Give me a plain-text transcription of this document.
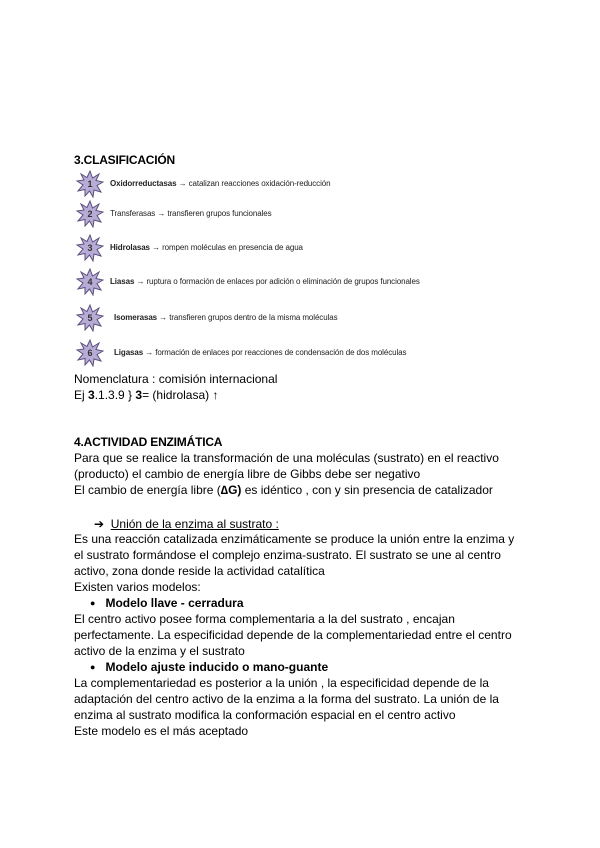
3.CLASIFICACIÓN
1	Oxidorreductasas → catalizan reacciones oxidación-reducción
2	Transferasas → transfieren grupos funcionales
3	Hidrolasas → rompen moléculas en presencia de agua
4	Liasas → ruptura o formación de enlaces por adición o eliminación de grupos funcionales
5	Isomerasas → transfieren grupos dentro de la misma moléculas
6	Ligasas → formación de enlaces por reacciones de condensación de dos moléculas
Nomenclatura : comisión internacional
Ej 3.1.3.9 } 3= (hidrolasa) ↑
4.ACTIVIDAD ENZIMÁTICA
Para que se realice la transformación de una moléculas (sustrato) en el reactivo
(producto) el cambio de energía libre de Gibbs debe ser negativo
El cambio de energía libre (∆G) es idéntico , con y sin presencia de catalizador
➔ Unión de la enzima al sustrato :
Es una reacción catalizada enzimáticamente se produce la unión entre la enzima y
el sustrato formándose el complejo enzima-sustrato. El sustrato se une al centro
activo, zona donde reside la actividad catalítica
Existen varios modelos:
● Modelo llave - cerradura
El centro activo posee forma complementaria a la del sustrato , encajan
perfectamente. La especificidad depende de la complementariedad entre el centro
activo de la enzima y el sustrato
● Modelo ajuste inducido o mano-guante
La complementariedad es posterior a la unión , la especificidad depende de la
adaptación del centro activo de la enzima a la forma del sustrato. La unión de la
enzima al sustrato modifica la conformación espacial en el centro activo
Este modelo es el más aceptado
